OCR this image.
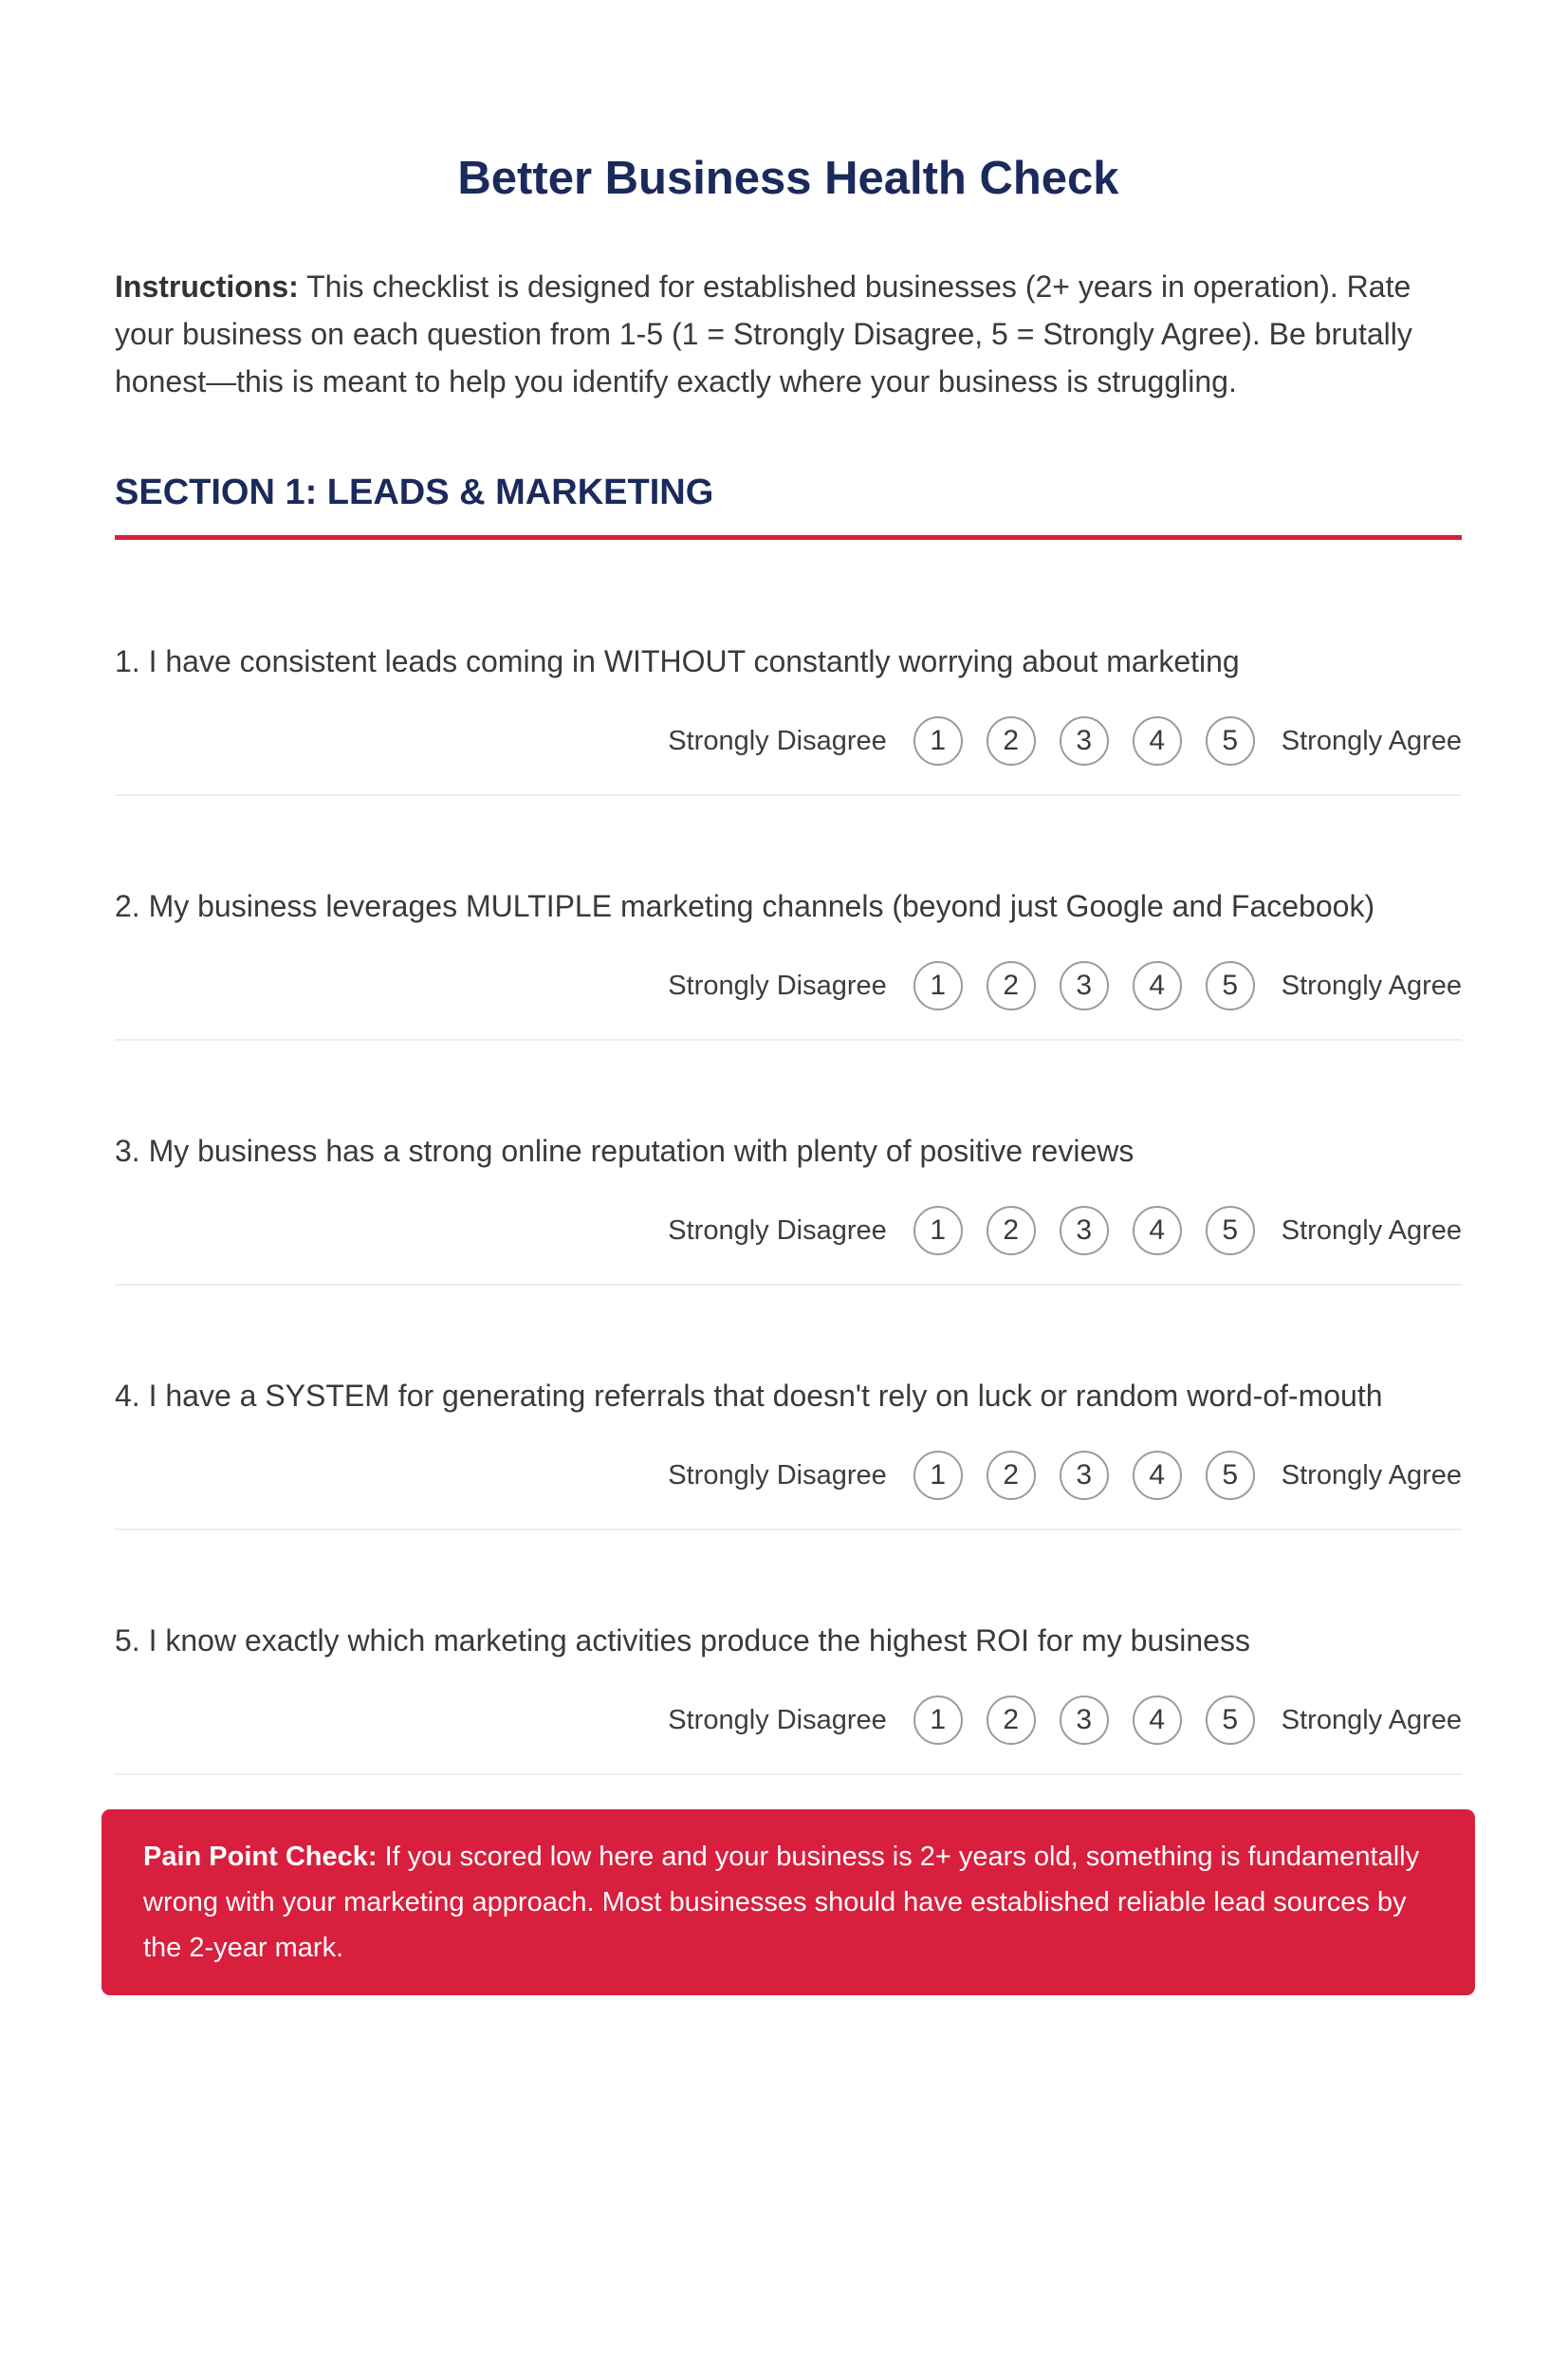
Better Business Health Check

Instructions: This checklist is designed for established businesses (2+ years in operation). Rate your business on each question from 1-5 (1 = Strongly Disagree, 5 = Strongly Agree). Be brutally honest—this is meant to help you identify exactly where your business is struggling.

SECTION 1: LEADS & MARKETING

1. I have consistent leads coming in WITHOUT constantly worrying about marketing

Strongly Disagree	1	2	3	4	5	Strongly Agree

2. My business leverages MULTIPLE marketing channels (beyond just Google and Facebook)

Strongly Disagree	1	2	3	4	5	Strongly Agree

3. My business has a strong online reputation with plenty of positive reviews

Strongly Disagree	1	2	3	4	5	Strongly Agree

4. I have a SYSTEM for generating referrals that doesn't rely on luck or random word-of-mouth

Strongly Disagree	1	2	3	4	5	Strongly Agree

5. I know exactly which marketing activities produce the highest ROI for my business

Strongly Disagree	1	2	3	4	5	Strongly Agree
Pain Point Check: If you scored low here and your business is 2+ years old, something is fundamentally wrong with your marketing approach. Most businesses should have established reliable lead sources by the 2-year mark.
